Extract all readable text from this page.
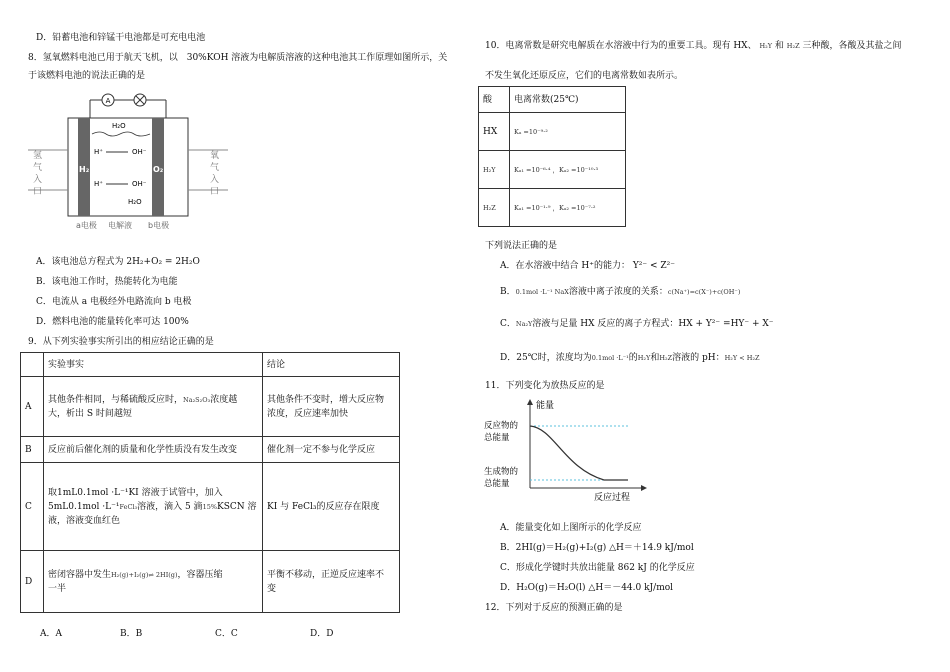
D．铅蓄电池和锌锰干电池都是可充电电池
8．氢氧燃料电池已用于航天飞机，以　30%KOH 溶液为电解质溶液的这种电池其工作原理如图所示，关
于该燃料电池的说法正确的是
A
氢
气
入
口
氧
气
入
口
H₂	O₂
H₂O
H₂O
H⁺	OH⁻
H⁺	OH⁻
a电极 电解液 b电极
A．该电池总方程式为 2H₂+O₂ = 2H₂O
B．该电池工作时，热能转化为电能
C．电流从 a 电极经外电路流向 b 电极
D．燃料电池的能量转化率可达 100%
9．从下列实验事实所引出的相应结论正确的是
	实验事实	结论
A	其他条件相同，与稀硫酸反应时，Na₂S₂O₃浓度越
大，析出 S 时间越短	其他条件不变时，增大反应物
浓度，反应速率加快
B	反应前后催化剂的质量和化学性质没有发生改变	催化剂一定不参与化学反应
C	取1mL0.1mol ·L⁻¹KI 溶液于试管中，加入
5mL0.1mol ·L⁻¹FeCl₃溶液，滴入 5 滴15%KSCN 溶
液，溶液变血红色	KI 与 FeCl₃的反应存在限度
D	密闭容器中发生H₂(g)+I₂(g)⇌ 2HI(g)，容器压缩
一半	平衡不移动，正逆反应速率不
变
A．A	B．B	C．C	D．D
10．电离常数是研究电解质在水溶液中行为的重要工具。现有 HX、 H₂Y 和 H₂Z 三种酸，各酸及其盐之间
不发生氧化还原反应，它们的电离常数如表所示。
酸	电离常数(25℃)
HX	Kₐ =10⁻⁹·²
H₂Y	Kₐ₁ =10⁻⁶·⁴ ，Kₐ₂ =10⁻¹⁰·³
H₂Z	Kₐ₁ =10⁻¹·⁹ ，Kₐ₂ =10⁻⁷·²
下列说法正确的是
A．在水溶液中结合 H⁺的能力： Y²⁻ < Z²⁻
B．0.1mol ·L⁻¹ NaX溶液中离子浓度的关系：c(Na⁺)=c(X⁻)+c(OH⁻)
C．Na₂Y溶液与足量 HX 反应的离子方程式：HX + Y²⁻ =HY⁻ + X⁻
D．25℃时，浓度均为0.1mol ·L⁻¹的H₂Y和H₂Z溶液的 pH：H₂Y < H₂Z
11．下列变化为放热反应的是
能量
反应过程
反应物的
总能量
生成物的
总能量
A．能量变化如上图所示的化学反应
B．2HI(g)＝H₂(g)+I₂(g) △H＝＋14.9 kJ/mol
C．形成化学键时共放出能量 862 kJ 的化学反应
D．H₂O(g)＝H₂O(l) △H＝－44.0 kJ/mol
12．下列对于反应的预测正确的是
